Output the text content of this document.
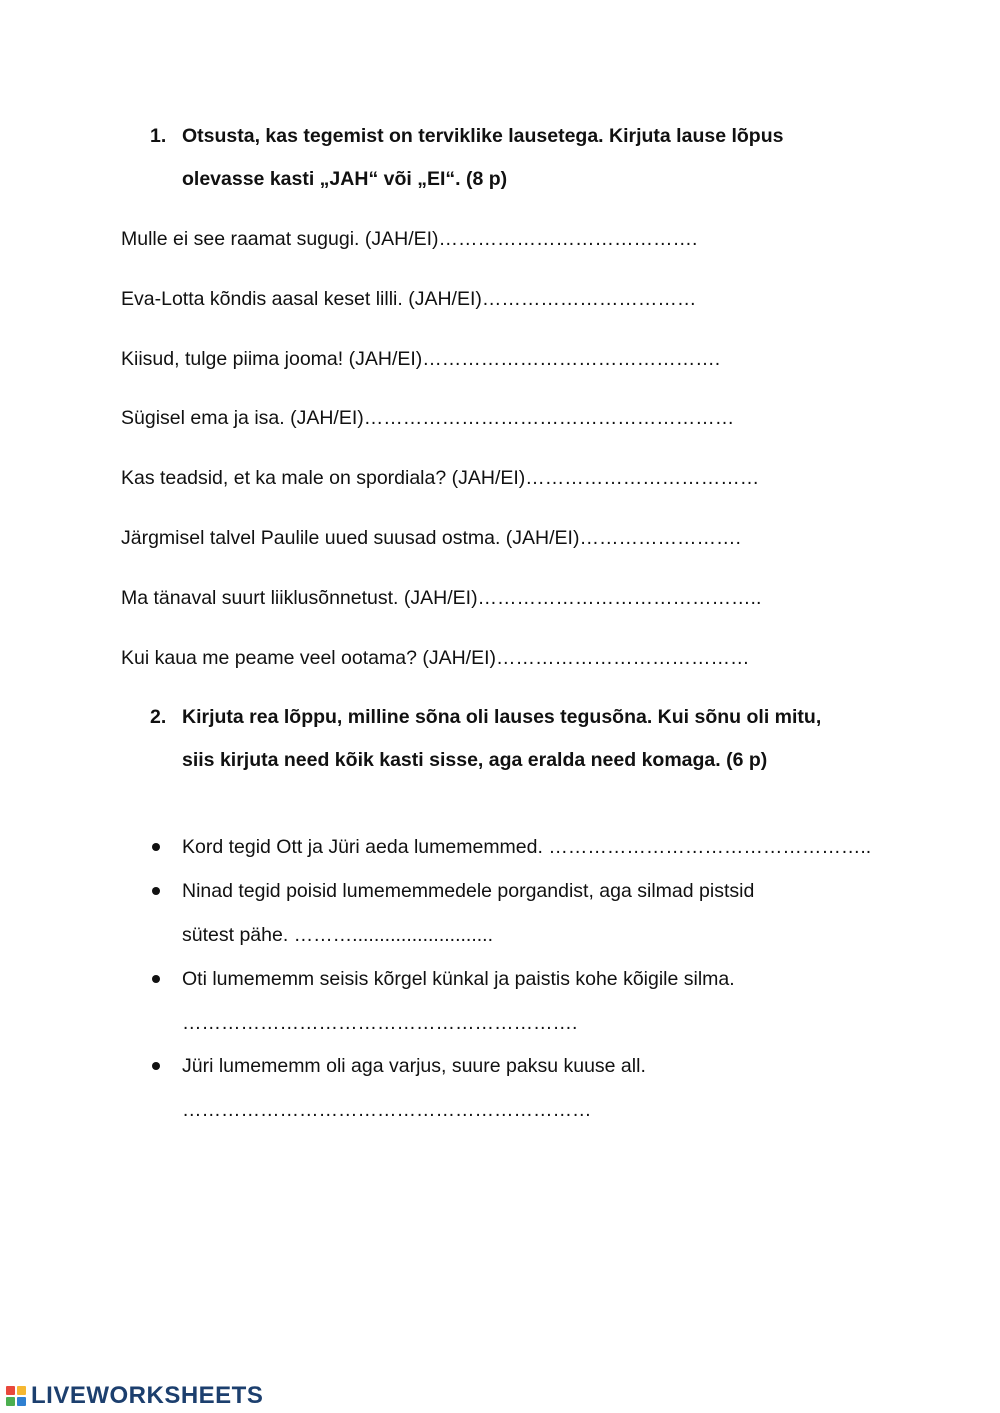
1. Otsusta, kas tegemist on terviklike lausetega. Kirjuta lause lõpus
olevasse kasti „JAH“ või „EI“. (8 p)
Mulle ei see raamat sugugi. (JAH/EI)………………………………….
Eva-Lotta kõndis aasal keset lilli. (JAH/EI)……………………………
Kiisud, tulge piima jooma! (JAH/EI)……………………………………….
Sügisel ema ja isa. (JAH/EI)…………………………………………………
Kas teadsid, et ka male on spordiala? (JAH/EI)………………………………
Järgmisel talvel Paulile uued suusad ostma. (JAH/EI)…………………….
Ma tänaval suurt liiklusõnnetust. (JAH/EI)……………………………………..
Kui kaua me peame veel ootama? (JAH/EI)…………………………………
2. Kirjuta rea lõppu, milline sõna oli lauses tegusõna. Kui sõnu oli mitu,
siis kirjuta need kõik kasti sisse, aga eralda need komaga. (6 p)
Kord tegid Ott ja Jüri aeda lumememmed. …………………………………………..
Ninad tegid poisid lumememmedele porgandist, aga silmad pistsid
sütest pähe. ………..........................
Oti lumememm seisis kõrgel künkal ja paistis kohe kõigile silma.
…………………………………………………….
Jüri lumememm oli aga varjus, suure paksu kuuse all.
………………………………………………………
LIVEWORKSHEETS
